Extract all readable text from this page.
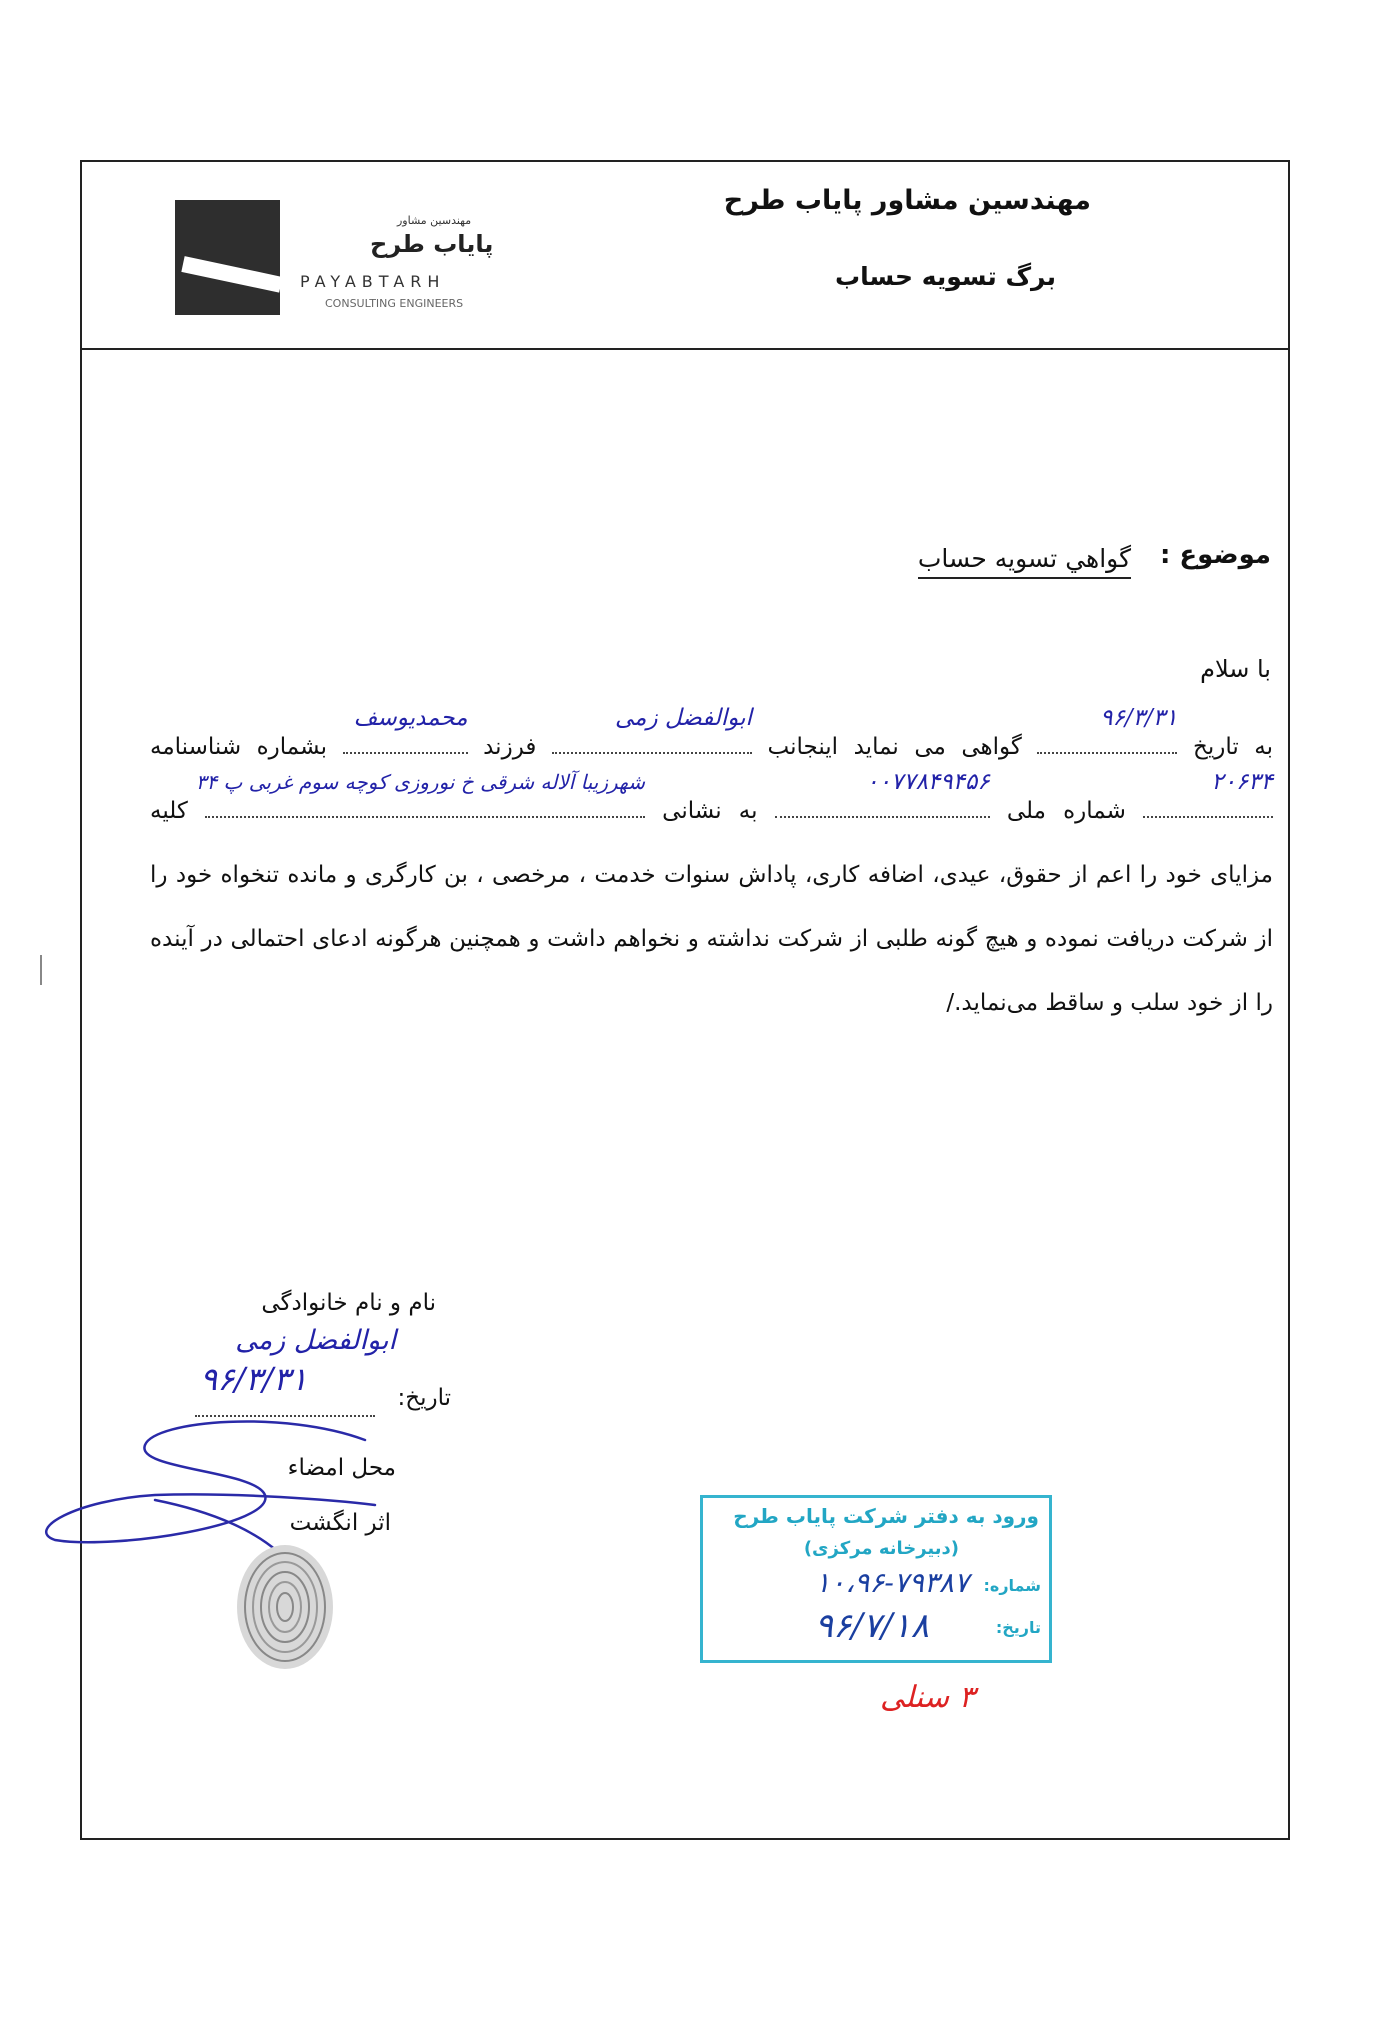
مهندسین مشاور پایاب طرح
برگ تسویه حساب
مهندسین مشاور
پایاب طرح
PAYABTARH
CONSULTING ENGINEERS
موضوع :
گواهي تسویه حساب
با سلام
به تاریخ
۹۶/۳/۳۱
گواهی می نماید اینجانب
ابوالفضل زمی
فرزند
محمدیوسف
بشماره شناسنامه
۲۰۶۳۴
شماره ملی
۰۰۷۷۸۴۹۴۵۶
به نشانی
شهرزیبا آلاله شرقی خ نوروزی کوچه سوم غربی پ ۳۴
کلیه مزایای خود را اعم از حقوق، عیدی، اضافه کاری، پاداش سنوات خدمت ، مرخصی ، بن کارگری و مانده تنخواه خود را از شرکت دریافت نموده و هیچ گونه طلبی از شرکت نداشته و نخواهم داشت و همچنین هرگونه ادعای احتمالی در آینده را از خود سلب و ساقط می‌نماید./
نام و نام خانوادگی
ابوالفضل زمی
تاریخ:
۹۶/۳/۳۱
محل امضاء
اثر انگشت	ورود به دفتر شرکت پایاب طرح
(دبیرخانه مرکزی)
شماره:
۱۰،۹۶-۷۹۳۸۷
تاریخ:
۹۶/۷/۱۸
۳ سنلی
